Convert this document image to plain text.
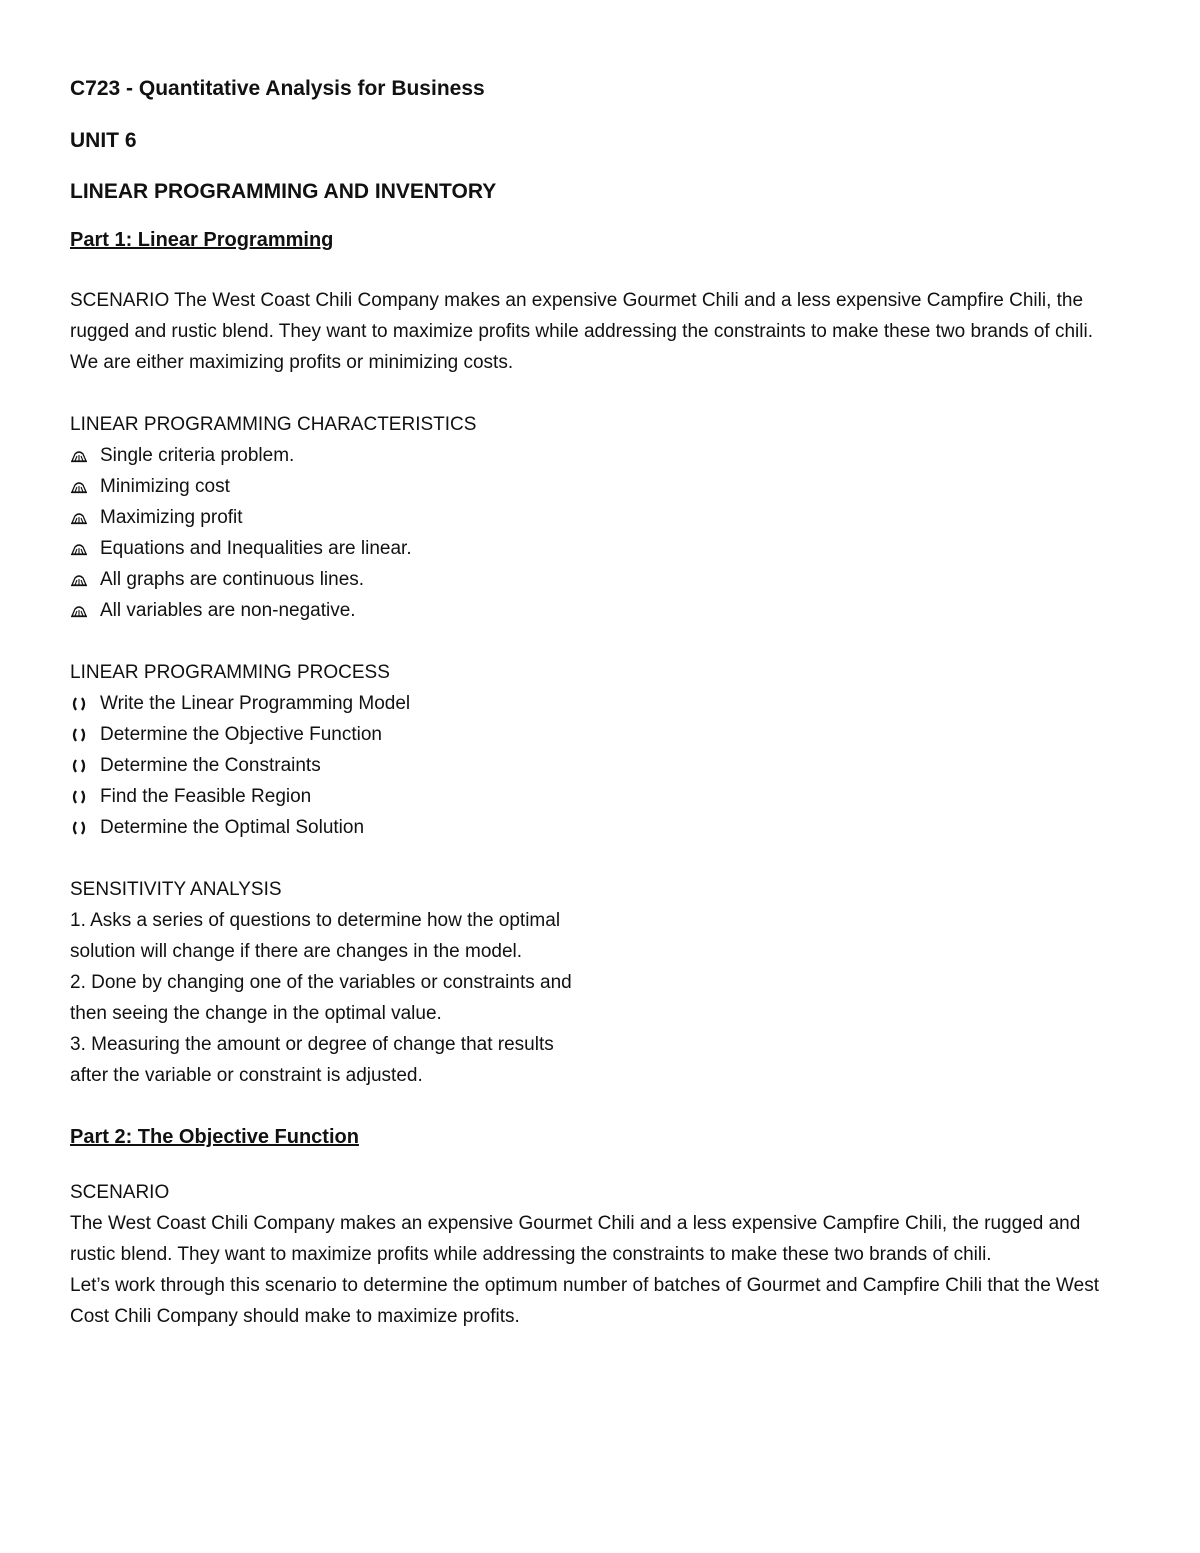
C723 - Quantitative Analysis for Business

UNIT 6

LINEAR PROGRAMMING AND INVENTORY

Part 1: Linear Programming

SCENARIO The West Coast Chili Company makes an expensive Gourmet Chili and a less expensive Campfire Chili, the rugged and rustic blend. They want to maximize profits while addressing the constraints to make these two brands of chili.

We are either maximizing profits or minimizing costs.

LINEAR PROGRAMMING CHARACTERISTICS

Single criteria problem.
Minimizing cost
Maximizing profit
Equations and Inequalities are linear.
All graphs are continuous lines.
All variables are non-negative.

LINEAR PROGRAMMING PROCESS

Write the Linear Programming Model
Determine the Objective Function
Determine the Constraints
Find the Feasible Region
Determine the Optimal Solution

SENSITIVITY ANALYSIS

1. Asks a series of questions to determine how the optimal

solution will change if there are changes in the model.

2. Done by changing one of the variables or constraints and

then seeing the change in the optimal value.

3. Measuring the amount or degree of change that results

after the variable or constraint is adjusted.

Part 2: The Objective Function

SCENARIO

The West Coast Chili Company makes an expensive Gourmet Chili and a less expensive Campfire Chili, the rugged and rustic blend. They want to maximize profits while addressing the constraints to make these two brands of chili.

Let’s work through this scenario to determine the optimum number of batches of Gourmet and Campfire Chili that the West Cost Chili Company should make to maximize profits.
